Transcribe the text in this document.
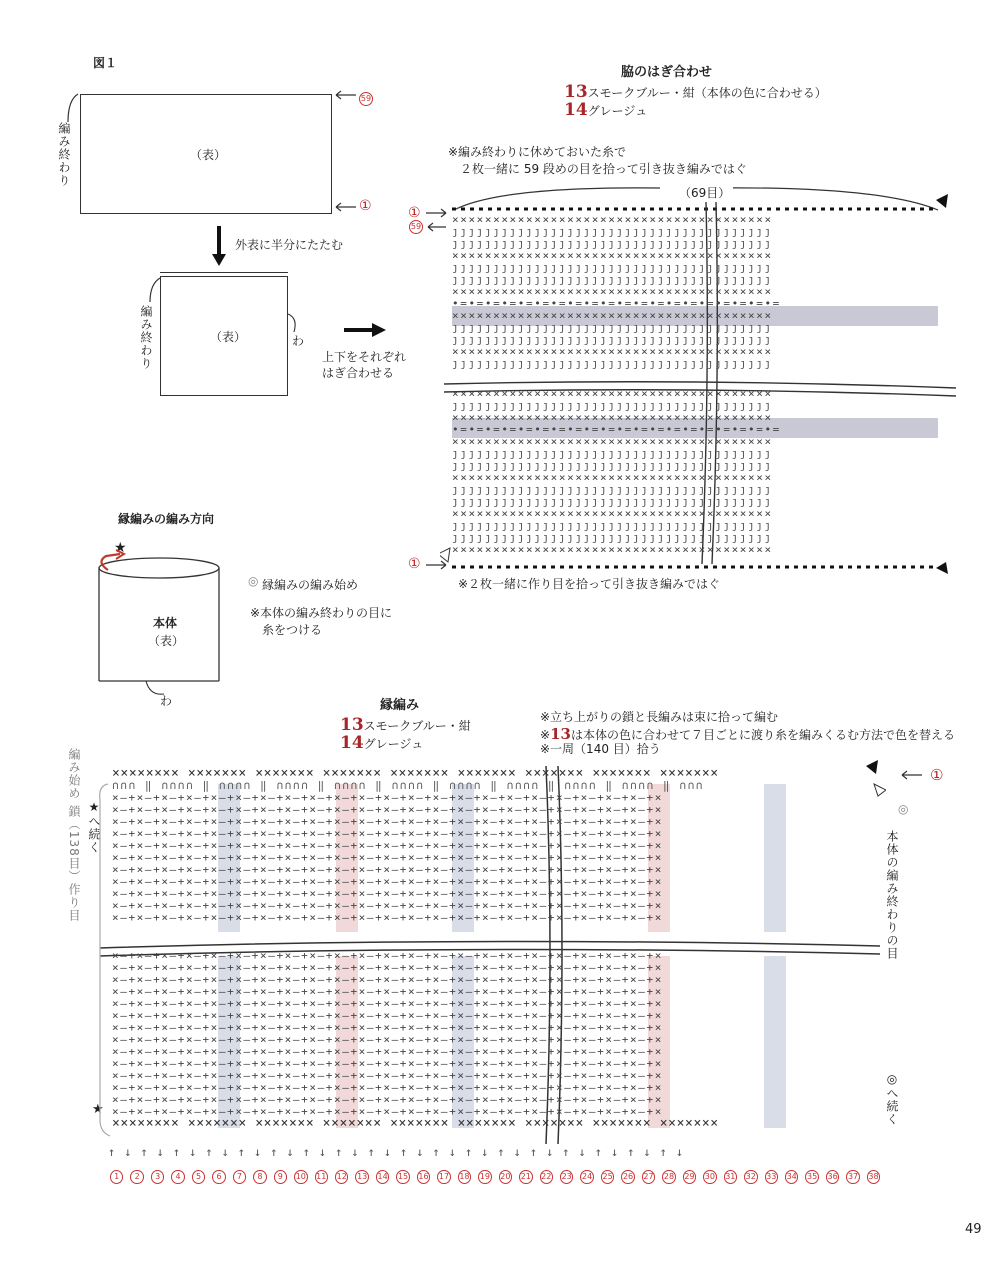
図１
（表）
編み終わり
59
①
外表に半分にたたむ
（表）
編み終わり	わ
上下をそれぞれ
はぎ合わせる
脇のはぎ合わせ
13スモークブルー・紺（本体の色に合わせる）
14グレージュ
※編み終わりに休めておいた糸で
２枚一緒に 59 段めの目を拾って引き抜き編みではぐ
（69目）
×××××××××××××××××××××××××××××××××××××××
ȷȷȷȷȷȷȷȷȷȷȷȷȷȷȷȷȷȷȷȷȷȷȷȷȷȷȷȷȷȷȷȷȷȷȷȷȷȷȷ
ȷȷȷȷȷȷȷȷȷȷȷȷȷȷȷȷȷȷȷȷȷȷȷȷȷȷȷȷȷȷȷȷȷȷȷȷȷȷȷ
×××××××××××××××××××××××××××××××××××××××
ȷȷȷȷȷȷȷȷȷȷȷȷȷȷȷȷȷȷȷȷȷȷȷȷȷȷȷȷȷȷȷȷȷȷȷȷȷȷȷ
ȷȷȷȷȷȷȷȷȷȷȷȷȷȷȷȷȷȷȷȷȷȷȷȷȷȷȷȷȷȷȷȷȷȷȷȷȷȷȷ
×××××××××××××××××××××××××××××××××××××××
•=•=•=•=•=•=•=•=•=•=•=•=•=•=•=•=•=•=•=•=
×××××××××××××××××××××××××××××××××××××××
ȷȷȷȷȷȷȷȷȷȷȷȷȷȷȷȷȷȷȷȷȷȷȷȷȷȷȷȷȷȷȷȷȷȷȷȷȷȷȷ
ȷȷȷȷȷȷȷȷȷȷȷȷȷȷȷȷȷȷȷȷȷȷȷȷȷȷȷȷȷȷȷȷȷȷȷȷȷȷȷ
×××××××××××××××××××××××××××××××××××××××
ȷȷȷȷȷȷȷȷȷȷȷȷȷȷȷȷȷȷȷȷȷȷȷȷȷȷȷȷȷȷȷȷȷȷȷȷȷȷȷ
×××××××××××××××××××××××××××××××××××××××
ȷȷȷȷȷȷȷȷȷȷȷȷȷȷȷȷȷȷȷȷȷȷȷȷȷȷȷȷȷȷȷȷȷȷȷȷȷȷȷ
×××××××××××××××××××××××××××××××××××××××
•=•=•=•=•=•=•=•=•=•=•=•=•=•=•=•=•=•=•=•=
×××××××××××××××××××××××××××××××××××××××
ȷȷȷȷȷȷȷȷȷȷȷȷȷȷȷȷȷȷȷȷȷȷȷȷȷȷȷȷȷȷȷȷȷȷȷȷȷȷȷ
ȷȷȷȷȷȷȷȷȷȷȷȷȷȷȷȷȷȷȷȷȷȷȷȷȷȷȷȷȷȷȷȷȷȷȷȷȷȷȷ
×××××××××××××××××××××××××××××××××××××××
ȷȷȷȷȷȷȷȷȷȷȷȷȷȷȷȷȷȷȷȷȷȷȷȷȷȷȷȷȷȷȷȷȷȷȷȷȷȷȷ
ȷȷȷȷȷȷȷȷȷȷȷȷȷȷȷȷȷȷȷȷȷȷȷȷȷȷȷȷȷȷȷȷȷȷȷȷȷȷȷ
×××××××××××××××××××××××××××××××××××××××
ȷȷȷȷȷȷȷȷȷȷȷȷȷȷȷȷȷȷȷȷȷȷȷȷȷȷȷȷȷȷȷȷȷȷȷȷȷȷȷ
ȷȷȷȷȷȷȷȷȷȷȷȷȷȷȷȷȷȷȷȷȷȷȷȷȷȷȷȷȷȷȷȷȷȷȷȷȷȷȷ
×××××××××××××××××××××××××××××××××××××××
①
59
①
※２枚一緒に作り目を拾って引き抜き編みではぐ
縁編みの編み方向
★
◎ 縁編みの編み始め
本体
（表）
※本体の編み終わりの目に
糸をつける
わ	縁編み
13スモークブルー・紺
14グレージュ
※立ち上がりの鎖と長編みは束に拾って編む
※13は本体の色に合わせて７目ごとに渡り糸を編みくるむ方法で色を替える
※一周（140 目）拾う
編み始め 鎖（138目）作り目 ★へ続く
★
×××××××× ××××××× ××××××× ××××××× ××××××× ××××××× ××××××× ××××××× ×××××××
∩∩∩ ‖ ∩∩∩∩ ‖ ∩∩∩∩ ‖ ∩∩∩∩ ‖ ∩∩∩∩ ‖ ∩∩∩∩ ‖ ∩∩∩∩ ‖ ∩∩∩∩ ‖ ∩∩∩∩ ‖ ∩∩∩∩ ‖ ∩∩∩
×—+×—+×—+×—+×—+×—+×—+×—+×—+×—+×—+×—+×—+×—+×—+×—+×—+×—+×—+×—+×—+×—+×
×—+×—+×—+×—+×—+×—+×—+×—+×—+×—+×—+×—+×—+×—+×—+×—+×—+×—+×—+×—+×—+×—+×
×—+×—+×—+×—+×—+×—+×—+×—+×—+×—+×—+×—+×—+×—+×—+×—+×—+×—+×—+×—+×—+×—+×
×—+×—+×—+×—+×—+×—+×—+×—+×—+×—+×—+×—+×—+×—+×—+×—+×—+×—+×—+×—+×—+×—+×
×—+×—+×—+×—+×—+×—+×—+×—+×—+×—+×—+×—+×—+×—+×—+×—+×—+×—+×—+×—+×—+×—+×
×—+×—+×—+×—+×—+×—+×—+×—+×—+×—+×—+×—+×—+×—+×—+×—+×—+×—+×—+×—+×—+×—+×
×—+×—+×—+×—+×—+×—+×—+×—+×—+×—+×—+×—+×—+×—+×—+×—+×—+×—+×—+×—+×—+×—+×
×—+×—+×—+×—+×—+×—+×—+×—+×—+×—+×—+×—+×—+×—+×—+×—+×—+×—+×—+×—+×—+×—+×
×—+×—+×—+×—+×—+×—+×—+×—+×—+×—+×—+×—+×—+×—+×—+×—+×—+×—+×—+×—+×—+×—+×
×—+×—+×—+×—+×—+×—+×—+×—+×—+×—+×—+×—+×—+×—+×—+×—+×—+×—+×—+×—+×—+×—+×
×—+×—+×—+×—+×—+×—+×—+×—+×—+×—+×—+×—+×—+×—+×—+×—+×—+×—+×—+×—+×—+×—+×
×—+×—+×—+×—+×—+×—+×—+×—+×—+×—+×—+×—+×—+×—+×—+×—+×—+×—+×—+×—+×—+×—+×
×—+×—+×—+×—+×—+×—+×—+×—+×—+×—+×—+×—+×—+×—+×—+×—+×—+×—+×—+×—+×—+×—+×
×—+×—+×—+×—+×—+×—+×—+×—+×—+×—+×—+×—+×—+×—+×—+×—+×—+×—+×—+×—+×—+×—+×
×—+×—+×—+×—+×—+×—+×—+×—+×—+×—+×—+×—+×—+×—+×—+×—+×—+×—+×—+×—+×—+×—+×
×—+×—+×—+×—+×—+×—+×—+×—+×—+×—+×—+×—+×—+×—+×—+×—+×—+×—+×—+×—+×—+×—+×
×—+×—+×—+×—+×—+×—+×—+×—+×—+×—+×—+×—+×—+×—+×—+×—+×—+×—+×—+×—+×—+×—+×
×—+×—+×—+×—+×—+×—+×—+×—+×—+×—+×—+×—+×—+×—+×—+×—+×—+×—+×—+×—+×—+×—+×
×—+×—+×—+×—+×—+×—+×—+×—+×—+×—+×—+×—+×—+×—+×—+×—+×—+×—+×—+×—+×—+×—+×
×—+×—+×—+×—+×—+×—+×—+×—+×—+×—+×—+×—+×—+×—+×—+×—+×—+×—+×—+×—+×—+×—+×
×—+×—+×—+×—+×—+×—+×—+×—+×—+×—+×—+×—+×—+×—+×—+×—+×—+×—+×—+×—+×—+×—+×
×—+×—+×—+×—+×—+×—+×—+×—+×—+×—+×—+×—+×—+×—+×—+×—+×—+×—+×—+×—+×—+×—+×
×—+×—+×—+×—+×—+×—+×—+×—+×—+×—+×—+×—+×—+×—+×—+×—+×—+×—+×—+×—+×—+×—+×
×—+×—+×—+×—+×—+×—+×—+×—+×—+×—+×—+×—+×—+×—+×—+×—+×—+×—+×—+×—+×—+×—+×
×—+×—+×—+×—+×—+×—+×—+×—+×—+×—+×—+×—+×—+×—+×—+×—+×—+×—+×—+×—+×—+×—+×
×××××××× ××××××× ××××××× ××××××× ××××××× ××××××× ××××××× ××××××× ×××××××
①
◎
本体の編み終わりの目
◎へ続く
↑↓↑↓↑↓↑↓↑↓↑↓↑↓↑↓↑↓↑↓↑↓↑↓↑↓↑↓↑↓↑↓↑↓↑↓
1	2	3	4	5	6	7	8	9	10 11 12 13 14 15 16 17 18 19 20 21 22 23 24 25 26 27 28 29 30 31 32 33 34 35 36 37 38
49
